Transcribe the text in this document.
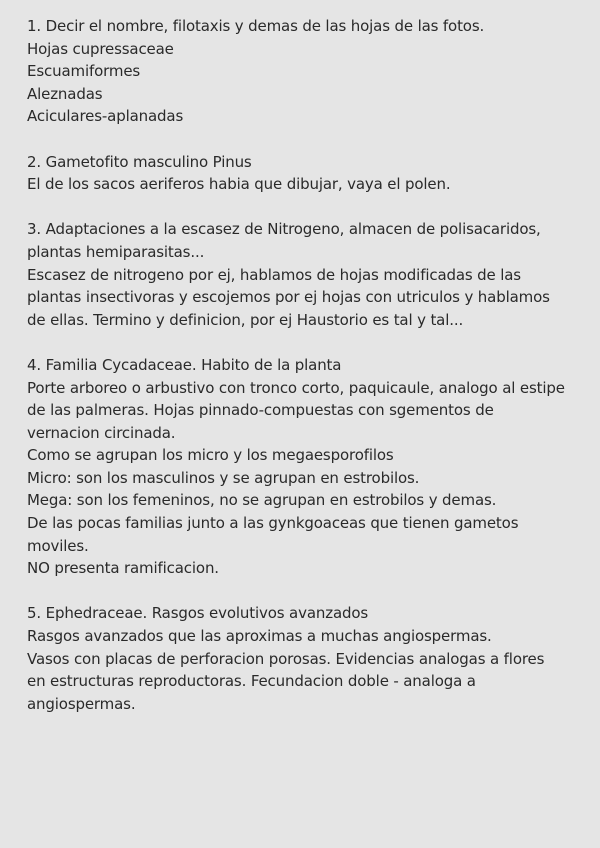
1. Decir el nombre, filotaxis y demas de las hojas de las fotos.
Hojas cupressaceae
Escuamiformes
Aleznadas
Aciculares-aplanadas
2. Gametofito masculino Pinus
El de los sacos aeriferos habia que dibujar, vaya el polen.
3. Adaptaciones a la escasez de Nitrogeno, almacen de polisacaridos,
plantas hemiparasitas...
Escasez de nitrogeno por ej, hablamos de hojas modificadas de las
plantas insectivoras y escojemos por ej hojas con utriculos y hablamos
de ellas. Termino y definicion, por ej Haustorio es tal y tal...
4. Familia Cycadaceae. Habito de la planta
Porte arboreo o arbustivo con tronco corto, paquicaule, analogo al estipe
de las palmeras. Hojas pinnado-compuestas con sgementos de
vernacion circinada.
Como se agrupan los micro y los megaesporofilos
Micro: son los masculinos y se agrupan en estrobilos.
Mega: son los femeninos, no se agrupan en estrobilos y demas.
De las pocas familias junto a las gynkgoaceas que tienen gametos
moviles.
NO presenta ramificacion.
5. Ephedraceae. Rasgos evolutivos avanzados
Rasgos avanzados que las aproximas a muchas angiospermas.
Vasos con placas de perforacion porosas. Evidencias analogas a flores
en estructuras reproductoras. Fecundacion doble - analoga a
angiospermas.
